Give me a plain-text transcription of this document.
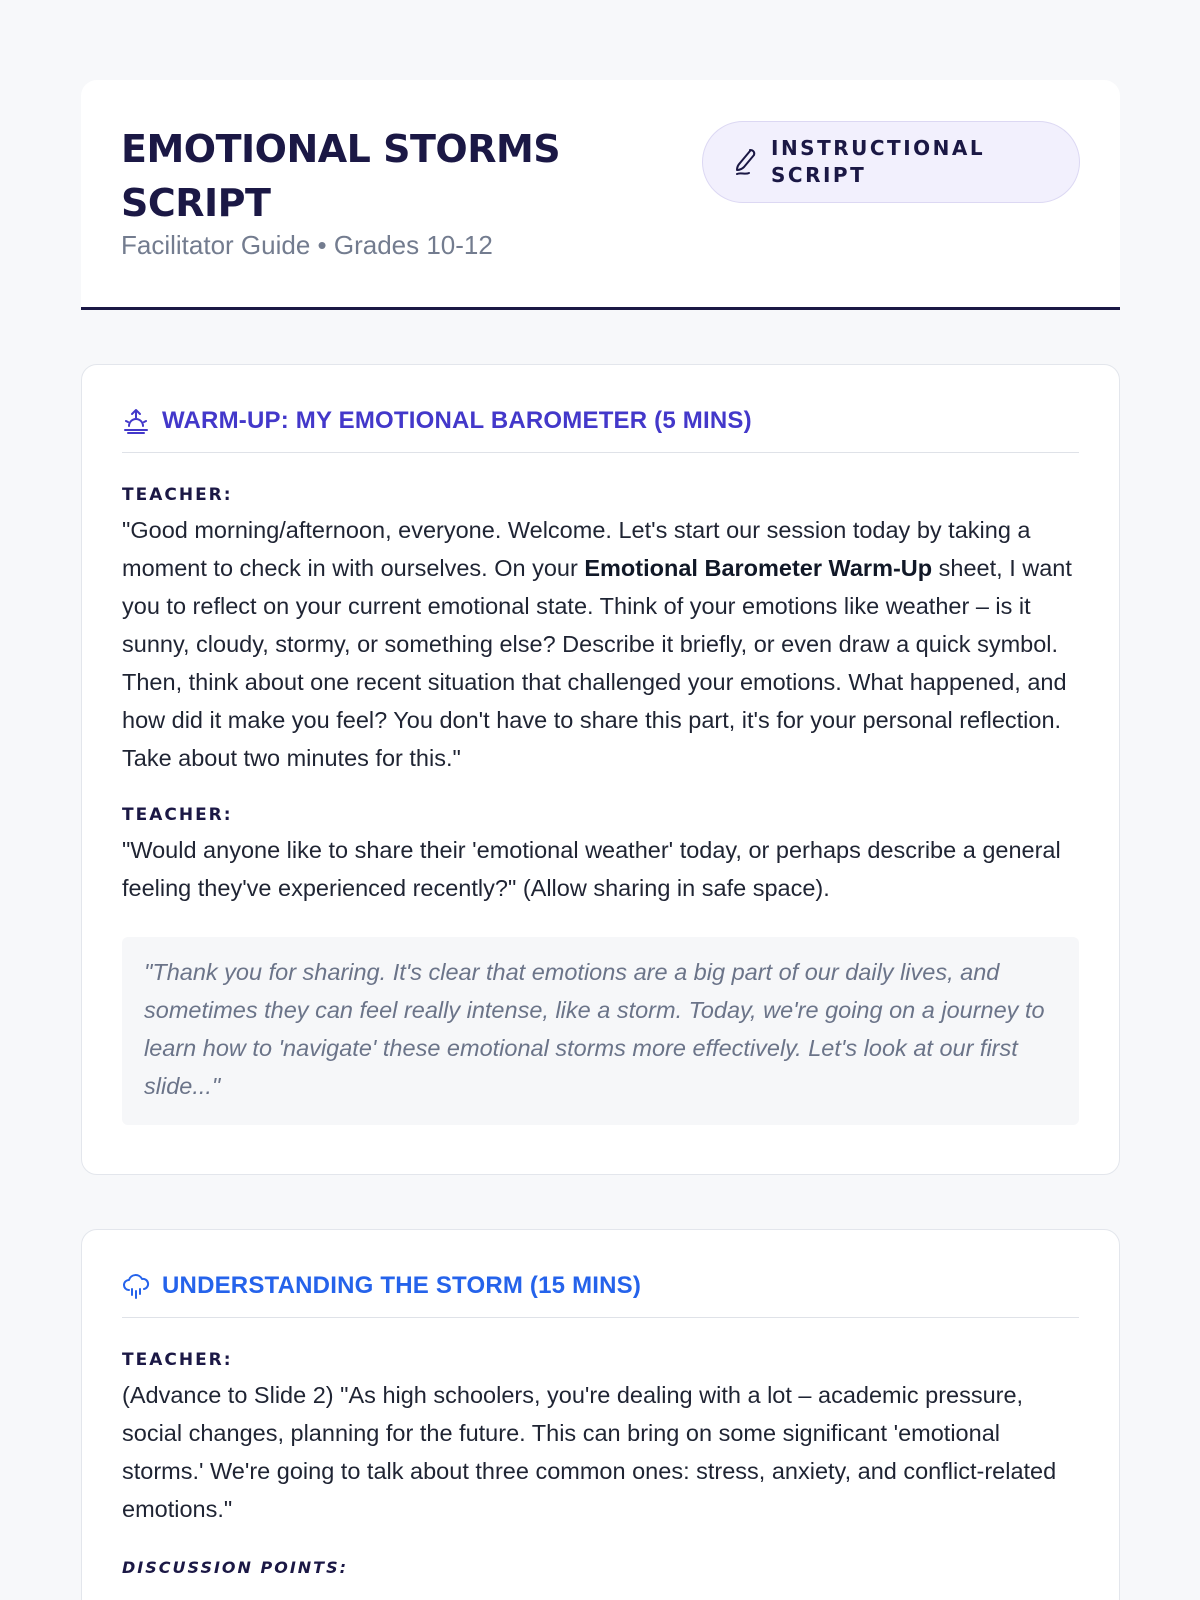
EMOTIONAL STORMS SCRIPT
Facilitator Guide • Grades 10-12
INSTRUCTIONAL SCRIPT
WARM-UP: MY EMOTIONAL BAROMETER (5 MINS)
TEACHER:

"Good morning/afternoon, everyone. Welcome. Let's start our session today by taking a moment to check in with ourselves. On your Emotional Barometer Warm-Up sheet, I want you to reflect on your current emotional state. Think of your emotions like weather – is it sunny, cloudy, stormy, or something else? Describe it briefly, or even draw a quick symbol. Then, think about one recent situation that challenged your emotions. What happened, and how did it make you feel? You don't have to share this part, it's for your personal reflection. Take about two minutes for this."

TEACHER:

"Would anyone like to share their 'emotional weather' today, or perhaps describe a general feeling they've experienced recently?" (Allow sharing in safe space).

"Thank you for sharing. It's clear that emotions are a big part of our daily lives, and sometimes they can feel really intense, like a storm. Today, we're going on a journey to learn how to 'navigate' these emotional storms more effectively. Let's look at our first slide..."
UNDERSTANDING THE STORM (15 MINS)
TEACHER:

(Advance to Slide 2) "As high schoolers, you're dealing with a lot – academic pressure, social changes, planning for the future. This can bring on some significant 'emotional storms.' We're going to talk about three common ones: stress, anxiety, and conflict-related emotions."

DISCUSSION POINTS:
